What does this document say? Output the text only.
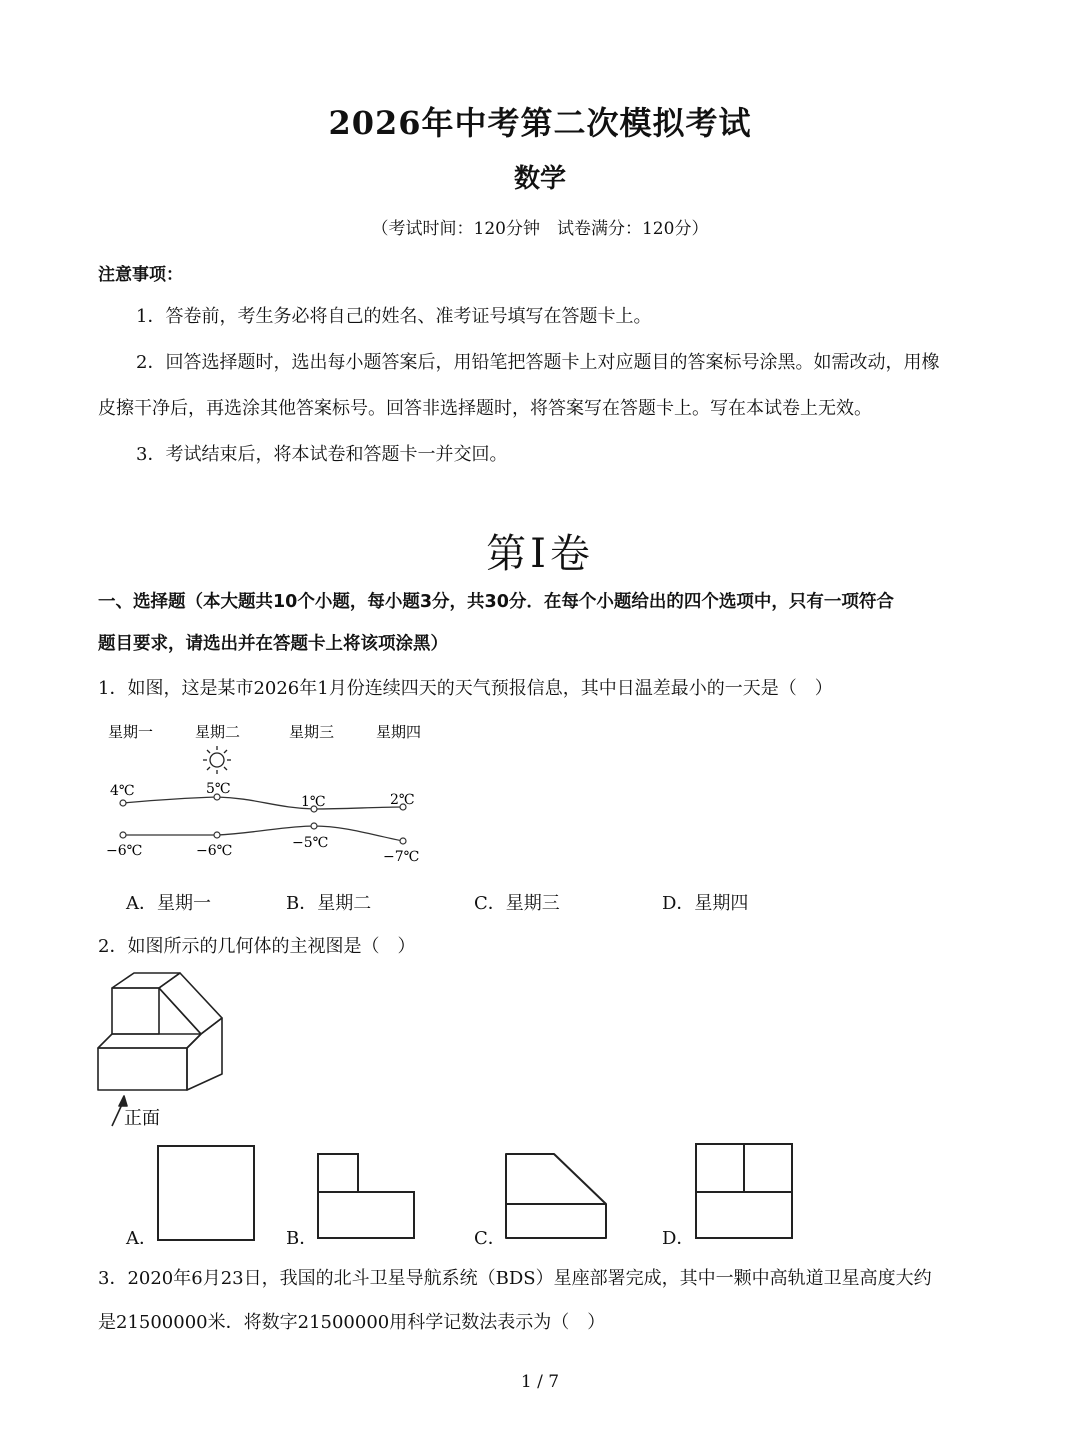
2026年中考第二次模拟考试
数学
（考试时间：120分钟　试卷满分：120分）
注意事项：
1．答卷前，考生务必将自己的姓名、准考证号填写在答题卡上。
2．回答选择题时，选出每小题答案后，用铅笔把答题卡上对应题目的答案标号涂黑。如需改动，用橡
皮擦干净后，再选涂其他答案标号。回答非选择题时，将答案写在答题卡上。写在本试卷上无效。
3．考试结束后，将本试卷和答题卡一并交回。
第Ⅰ卷
一、选择题（本大题共10个小题，每小题3分，共30分．在每个小题给出的四个选项中，只有一项符合
题目要求，请选出并在答题卡上将该项涂黑）
1．如图，这是某市2026年1月份连续四天的天气预报信息，其中日温差最小的一天是（　）
星期一	星期二	星期三	星期四
4℃	5℃
1℃	2℃
−6℃	−6℃	−5℃
−7℃
A．星期一	B．星期二	C．星期三	D．星期四
2．如图所示的几何体的主视图是（　）
正面
A．	B．	C．	D．
3．2020年6月23日，我国的北斗卫星导航系统（BDS）星座部署完成，其中一颗中高轨道卫星高度大约
是21500000米．将数字21500000用科学记数法表示为（　）
1 / 7
